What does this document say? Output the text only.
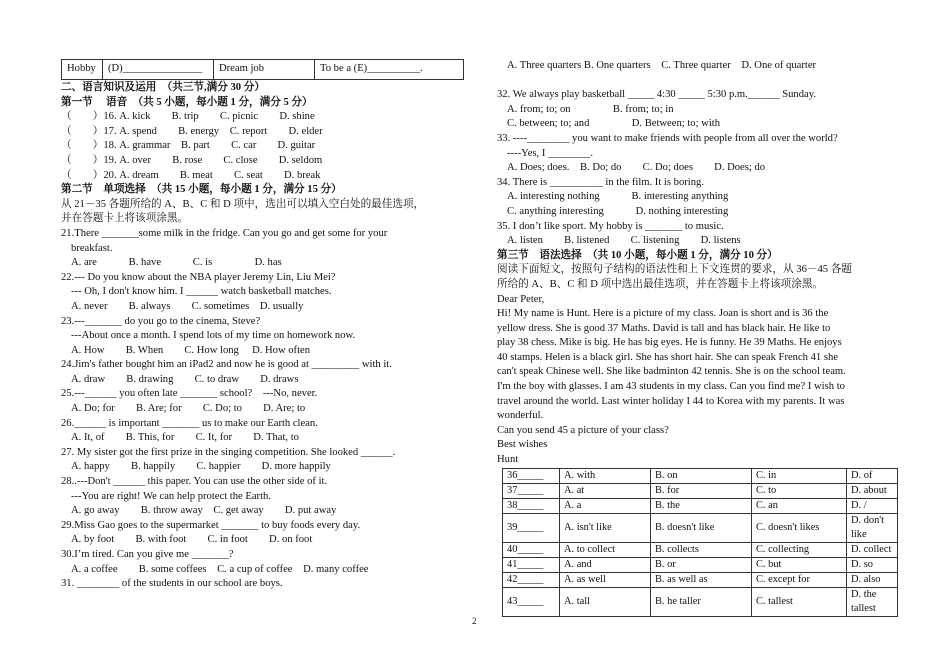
Hobby	(D)_______________	Dream job	To be a (E)__________.
二、语言知识及运用　（共三节,满分 30 分）
第一节　 语音　（共 5 小题，每小题 1 分，满分 5 分）
（　　）16. A. kick　　B. trip　　C. picnic　　D. shine
（　　）17. A. spend　　B. energy　C. report　　D. elder
（　　）18. A. grammar　B. part　　C. car　　D. guitar
（　　）19. A. over　　B. rose　　C. close　　D. seldom
（　　）20. A. dream　　B. meat　　C. seat　　D. break
第二节　单项选择　（共 15 小题，每小题 1 分，满分 15 分）
从 21－35 各题所给的 A、B、C 和 D 项中，选出可以填入空白处的最佳选项，
并在答题卡上将该项涂黑。
21.There _______some milk in the fridge. Can you go and get some for your
breakfast.
A. are　　　B. have　　　C. is　　　　D. has
22.--- Do you know about the NBA player Jeremy Lin, Liu Mei?
--- Oh, I don't know him. I ______ watch basketball matches.
A. never　　B. always　　C. sometimes　D. usually
23.---_______ do you go to the cinema, Steve?
---About once a month. I spend lots of my time on homework now.
A. How　　B. When　　C. How long　 D. How often
24.Jim's father bought him an iPad2 and now he is good at _________ with it.
A. draw　　B. drawing　　C. to draw　　D. draws
25.---______ you often late _______ school?　---No, never.
A. Do; for　　B. Are; for　　C. Do; to　　D. Are; to
26.______ is important _______ us to make our Earth clean.
A. It, of　　B. This, for　　C. It, for　　D. That, to
27. My sister got the first prize in the singing competition. She looked ______.
A. happy　　B. happily　　C. happier　　D. more happily
28..---Don't ______ this paper. You can use the other side of it.
---You are right! We can help protect the Earth.
A. go away　　B. throw away　C. get away　　D. put away
29.Miss Gao goes to the supermarket _______ to buy foods every day.
A. by foot　　B. with foot　　C. in foot　　D. on foot
30.I’m tired. Can you give me _______?
A. a coffee　　B. some coffees　C. a cup of coffee　D. many coffee
31. ________ of the students in our school are boys.
A. Three quarters B. One quarters　C. Three quarter　D. One of quarter
32. We always play basketball _____ 4:30 _____ 5:30 p.m.______ Sunday.
A. from; to; on　　　　B. from; to; in
C. between; to; and　　　　D. Between; to; with
33. ----________ you want to make friends with people from all over the world?
----Yes, I ________.
A. Does; does.　B. Do; do　　C. Do; does　　D. Does; do
34. There is __________ in the film. It is boring.
A. interesting nothing　　　B. interesting anything
C. anything interesting　　　D. nothing interesting
35. I don’t like sport. My hobby is _______ to music.
A. listen　　B. listened　　C. listening　　D. listens
第三节　语法选择　（共 10 小题，每小题 1 分，满分 10 分）
阅读下面短文，按照句子结构的语法性和上下文连贯的要求，从 36－45 各题
所给的 A、B、C 和 D 项中选出最佳选项，并在答题卡上将该项涂黑。
Dear Peter,
Hi! My name is Hunt. Here is a picture of my class. Joan is short and is 36 the
yellow dress. She is good 37 Maths. David is tall and has black hair. He like to
play 38 chess. Mike is big. He has big eyes. He is funny. He 39 Maths. He enjoys
40 stamps. Helen is a black girl. She has short hair. She can speak French 41 she
can't speak Chinese well. She like badminton 42 tennis. She is on the school team.
I'm the boy with glasses. I am 43 students in my class. Can you find me? I wish to
travel around the world. Last winter holiday I 44 to Korea with my parents. It was
wonderful.
Can you send 45 a picture of your class?
Best wishes
Hunt
36_____	A. with	B. on	C. in	D. of
37_____	A. at	B. for	C. to	D. about
38_____	A. a	B. the	C. an	D. /
39_____	A. isn't like	B. doesn't like	C. doesn't likes	D. don't like
40_____	A. to collect	B. collects	C. collecting	D. collect
41_____	A. and	B. or	C. but	D. so
42_____	A. as well	B. as well as	C. except for	D. also
43_____	A. tall	B. he taller	C. tallest	D. the tallest
2
